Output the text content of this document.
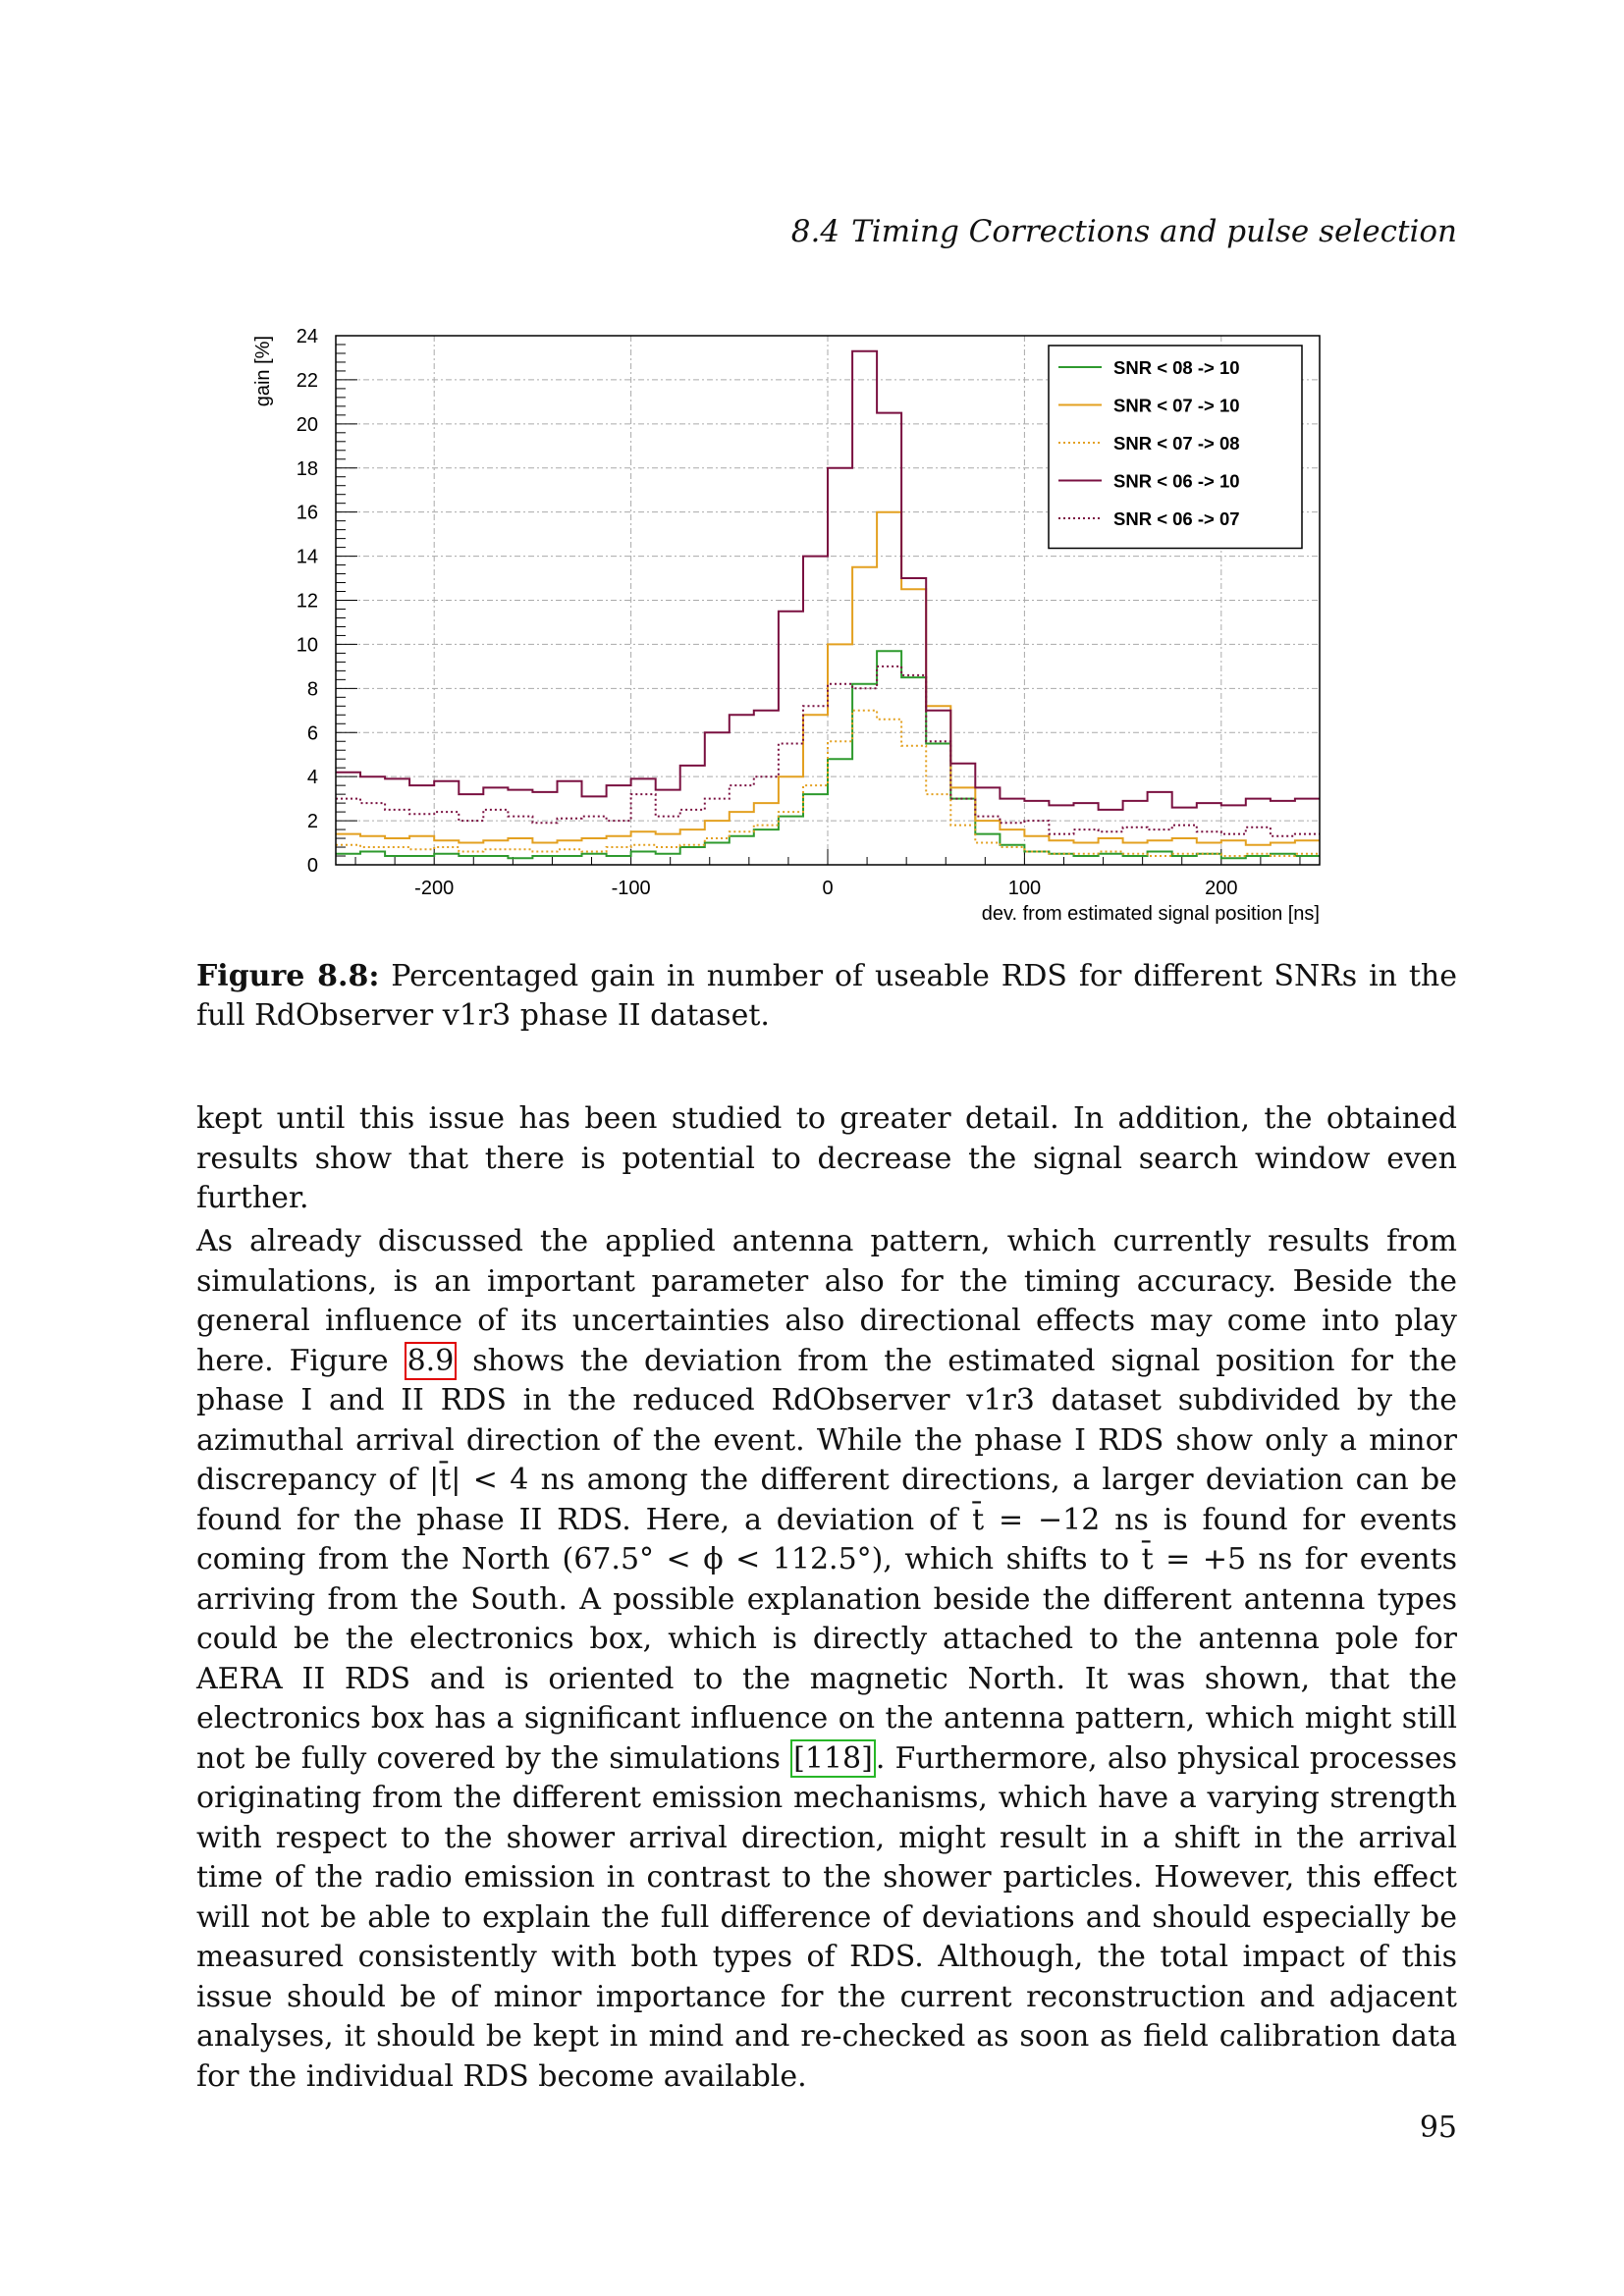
8.4 Timing Corrections and pulse selection
0
2
4
6
8
10
12
14
16
18
20
22
24
-200	-100	0	100	200
dev. from estimated signal position [ns]
gain [%]	SNR < 08 -> 10
SNR < 07 -> 10
SNR < 07 -> 08
SNR < 06 -> 10
SNR < 06 -> 07
Figure 8.8: Percentaged gain in number of useable RDS for different SNRs in the full RdObserver v1r3 phase II dataset.

kept until this issue has been studied to greater detail. In addition, the obtained results show that there is potential to decrease the signal search window even further.

As already discussed the applied antenna pattern, which currently results from simulations, is an important parameter also for the timing accuracy. Beside the general influence of its uncertainties also directional effects may come into play here. Figure 8.9 shows the deviation from the estimated signal position for the phase I and II RDS in the reduced RdObserver v1r3 dataset subdivided by the azimuthal arrival direction of the event. While the phase I RDS show only a minor discrepancy of |t̄| < 4 ns among the different directions, a larger deviation can be found for the phase II RDS. Here, a deviation of t̄ = −12 ns is found for events coming from the North (67.5° < ϕ < 112.5°), which shifts to t̄ = +5 ns for events arriving from the South. A possible explanation beside the different antenna types could be the electronics box, which is directly attached to the antenna pole for AERA II RDS and is oriented to the magnetic North. It was shown, that the electronics box has a significant influence on the antenna pattern, which might still not be fully covered by the simulations [118] . Furthermore, also physical processes originating from the different emission mechanisms, which have a varying strength with respect to the shower arrival direction, might result in a shift in the arrival time of the radio emission in contrast to the shower particles. However, this effect will not be able to explain the full difference of deviations and should especially be measured consistently with both types of RDS. Although, the total impact of this issue should be of minor importance for the current reconstruction and adjacent analyses, it should be kept in mind and re-checked as soon as field calibration data for the individual RDS become available.

95
